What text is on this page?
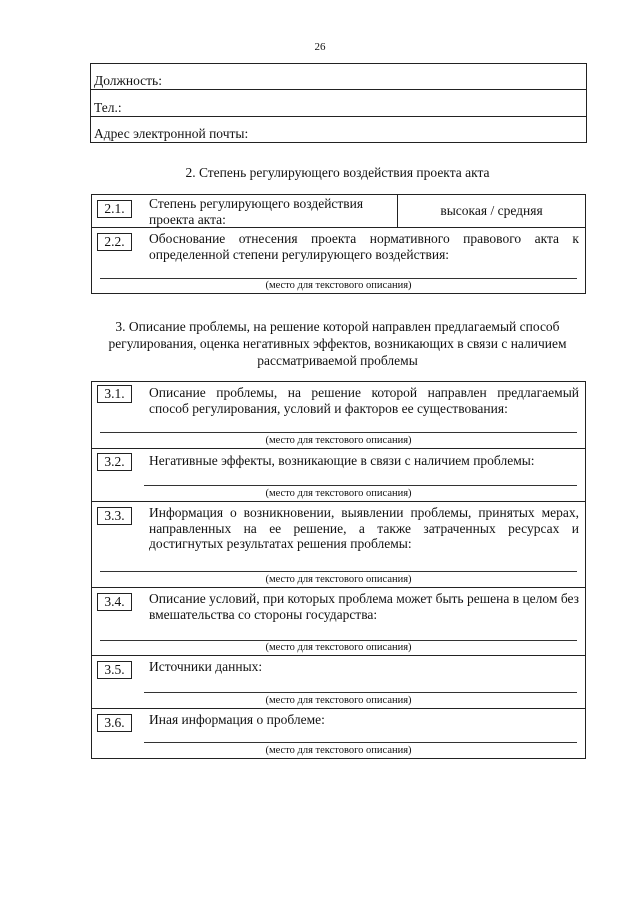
26
Должность:
Тел.:
Адрес электронной почты:
2. Степень регулирующего воздействия проекта акта
2.1.	Степень регулирующего воздействия проекта акта:
высокая / средняя
2.2.	Обоснование отнесения проекта нормативного правового акта к определенной степени регулирующего воздействия:
(место для текстового описания)
3. Описание проблемы, на решение которой направлен предлагаемый способ регулирования, оценка негативных эффектов, возникающих в связи с наличием рассматриваемой проблемы
3.1.	Описание проблемы, на решение которой направлен предлагаемый способ регулирования, условий и факторов ее существования:
(место для текстового описания)
3.2.	Негативные эффекты, возникающие в связи с наличием проблемы:
(место для текстового описания)
3.3.	Информация о возникновении, выявлении проблемы, принятых мерах, направленных на ее решение, а также затраченных ресурсах и достигнутых результатах решения проблемы:
(место для текстового описания)
3.4.	Описание условий, при которых проблема может быть решена в целом без вмешательства со стороны государства:
(место для текстового описания)
3.5.	Источники данных:
(место для текстового описания)
3.6.	Иная информация о проблеме:
(место для текстового описания)
